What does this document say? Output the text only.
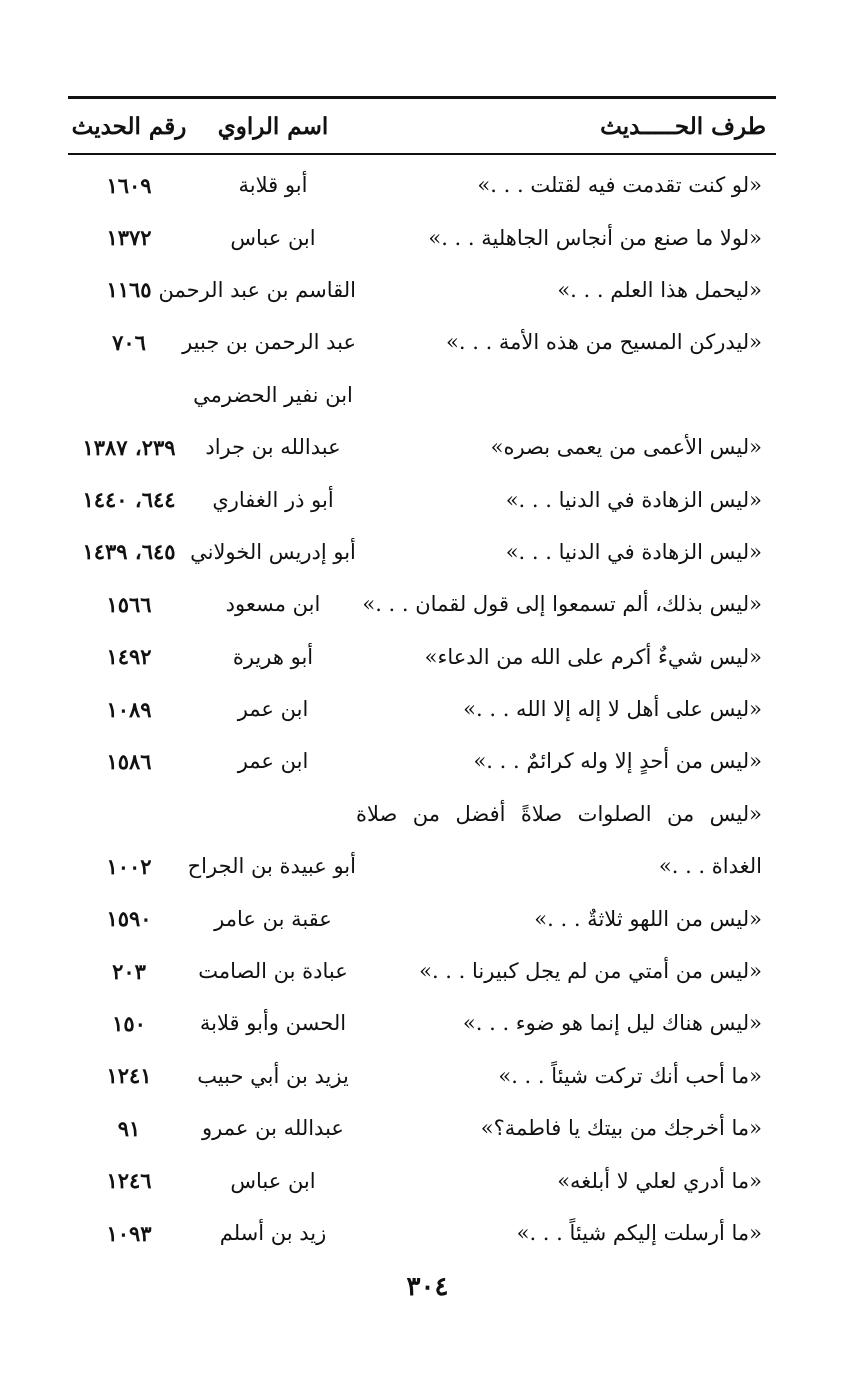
طرف الحـــــديث
اسم الراوي
رقم الحديث
«لو كنت تقدمت فيه لقتلت . . .»
أبو قلابة
١٦٠٩
«لولا ما صنع من أنجاس الجاهلية . . .»
ابن عباس
١٣٧٢
«ليحمل هذا العلم . . .»
القاسم بن عبد الرحمن
١١٦٥
«ليدركن المسيح من هذه الأمة . . .»
عبد الرحمن بن جبير
٧٠٦
ابن نفير الحضرمي
«ليس الأعمى من يعمى بصره»
عبدالله بن جراد
٢٣٩، ١٣٨٧
«ليس الزهادة في الدنيا . . .»
أبو ذر الغفاري
٦٤٤، ١٤٤٠
«ليس الزهادة في الدنيا . . .»
أبو إدريس الخولاني
٦٤٥، ١٤٣٩
«ليس بذلك، ألم تسمعوا إلى قول لقمان . . .»
ابن مسعود
١٥٦٦
«ليس شيءٌ أكرم على الله من الدعاء»
أبو هريرة
١٤٩٢
«ليس على أهل لا إله إلا الله . . .»
ابن عمر
١٠٨٩
«ليس من أحدٍ إلا وله كرائمٌ . . .»
ابن عمر
١٥٨٦
«ليس من الصلوات صلاةً أفضل من صلاة
الغداة . . .»
أبو عبيدة بن الجراح
١٠٠٢
«ليس من اللهو ثلاثةٌ . . .»
عقبة بن عامر
١٥٩٠
«ليس من أمتي من لم يجل كبيرنا . . .»
عبادة بن الصامت
٢٠٣
«ليس هناك ليل إنما هو ضوء . . .»
الحسن وأبو قلابة
١٥٠
«ما أحب أنك تركت شيئاً . . .»
يزيد بن أبي حبيب
١٢٤١
«ما أخرجك من بيتك يا فاطمة؟»
عبدالله بن عمرو
٩١
«ما أدري لعلي لا أبلغه»
ابن عباس
١٢٤٦
«ما أرسلت إليكم شيئاً . . .»
زيد بن أسلم
١٠٩٣
٣٠٤
